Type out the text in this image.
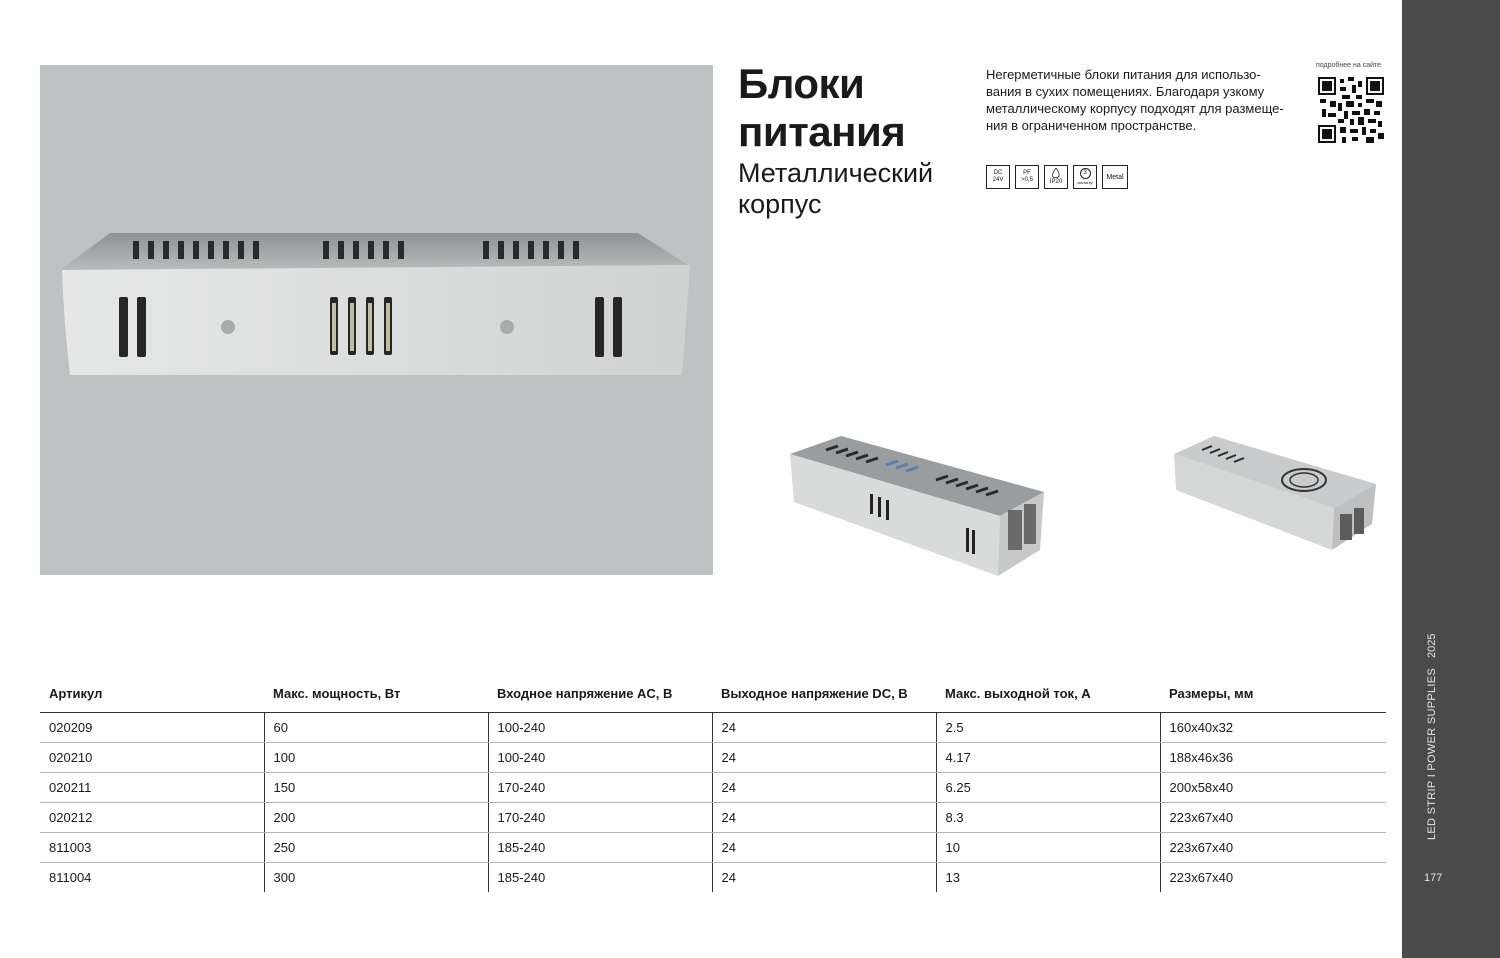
Блоки
питания
Металлический
корпус
Негерметичные блоки питания для использо-
вания в сухих помещениях. Благодаря узкому
металлическому корпусу подходят для размеще-
ния в ограниченном пространстве.
подробнее на сайте
DC
24V
PF
>0,5	IP20
3
warranty
Metal
Артикул	Макс. мощность, Вт	Входное напряжение AC, В	Выходное напряжение DC, В	Макс. выходной ток, А	Размеры, мм
020209	60	100-240	24	2.5	160x40x32
020210	100	100-240	24	4.17	188x46x36
020211	150	170-240	24	6.25	200x58x40
020212	200	170-240	24	8.3	223x67x40
811003	250	185-240	24	10	223x67x40
811004	300	185-240	24	13	223x67x40
2025
LED STRIP I POWER SUPPLIES
177
